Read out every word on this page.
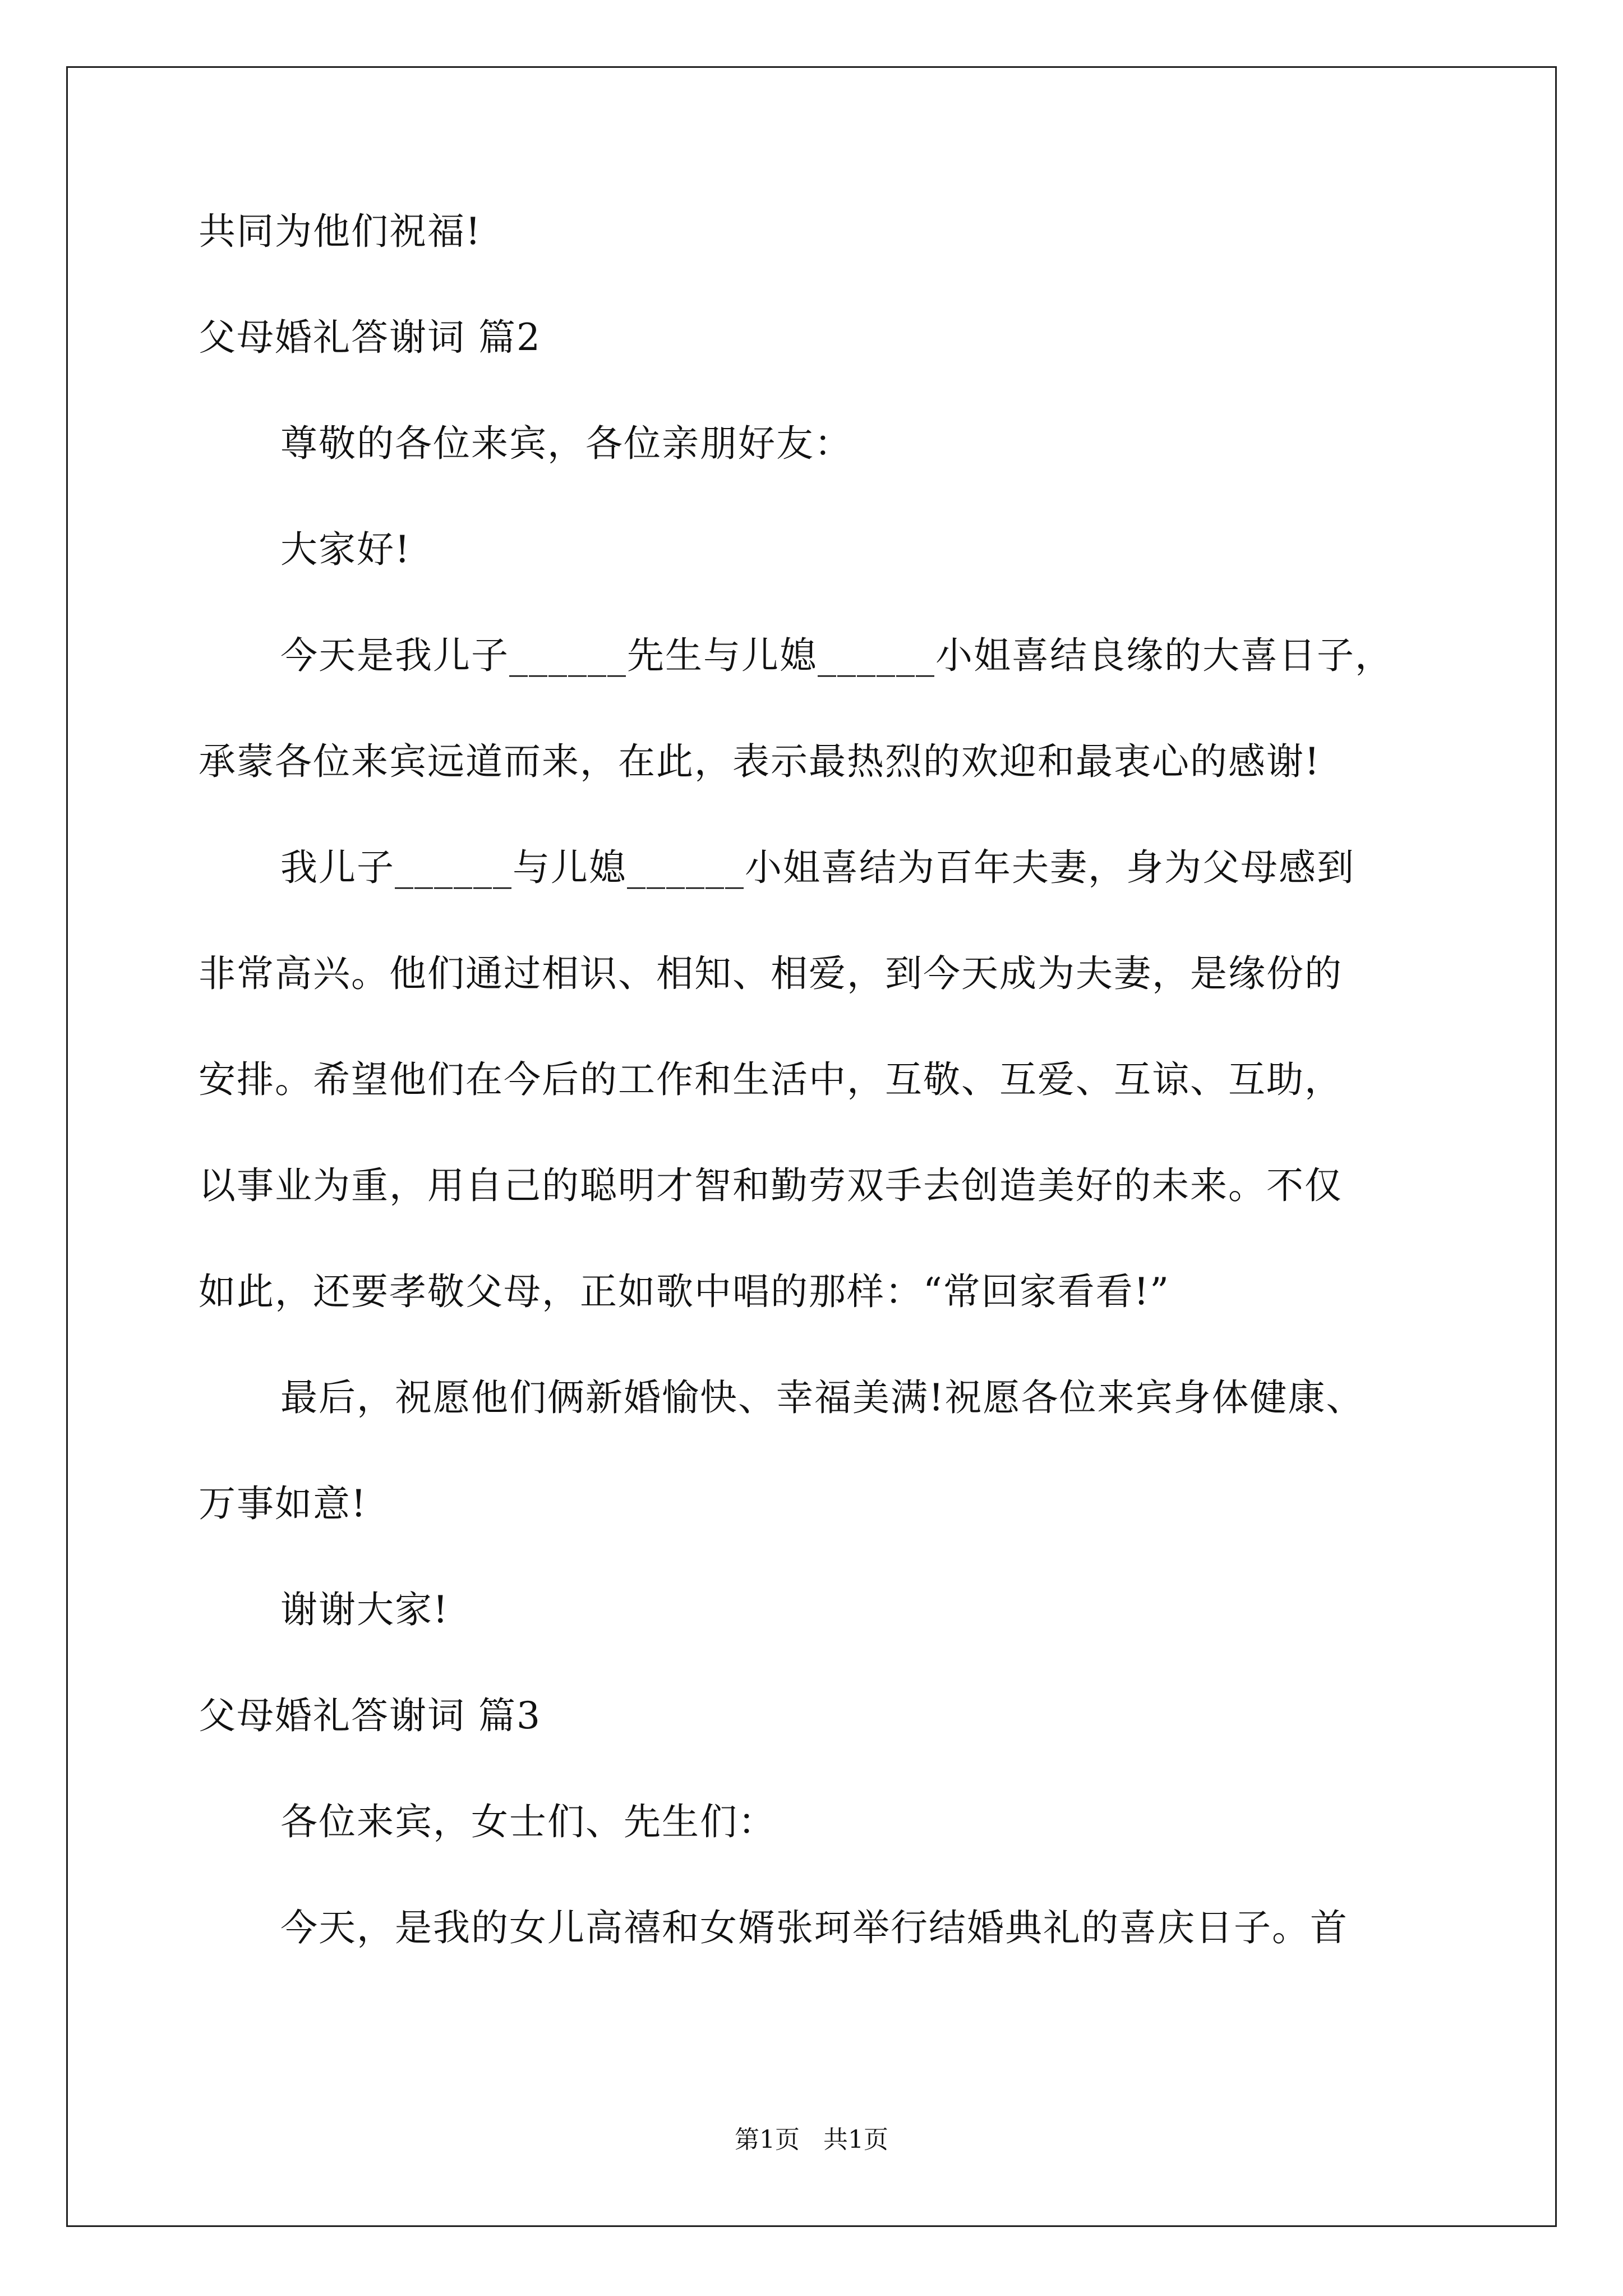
共同为他们祝福!
父母婚礼答谢词 篇2
尊敬的各位来宾，各位亲朋好友：
大家好!
今天是我儿子______先生与儿媳______小姐喜结良缘的大喜日子，
承蒙各位来宾远道而来，在此，表示最热烈的欢迎和最衷心的感谢!
我儿子______与儿媳______小姐喜结为百年夫妻，身为父母感到
非常高兴。他们通过相识、相知、相爱，到今天成为夫妻，是缘份的
安排。希望他们在今后的工作和生活中，互敬、互爱、互谅、互助，
以事业为重，用自己的聪明才智和勤劳双手去创造美好的未来。不仅
如此，还要孝敬父母，正如歌中唱的那样：“常回家看看!”
最后，祝愿他们俩新婚愉快、幸福美满!祝愿各位来宾身体健康、
万事如意!
谢谢大家!
父母婚礼答谢词 篇3
各位来宾，女士们、先生们：
今天，是我的女儿高禧和女婿张珂举行结婚典礼的喜庆日子。首
第1页   共1页
